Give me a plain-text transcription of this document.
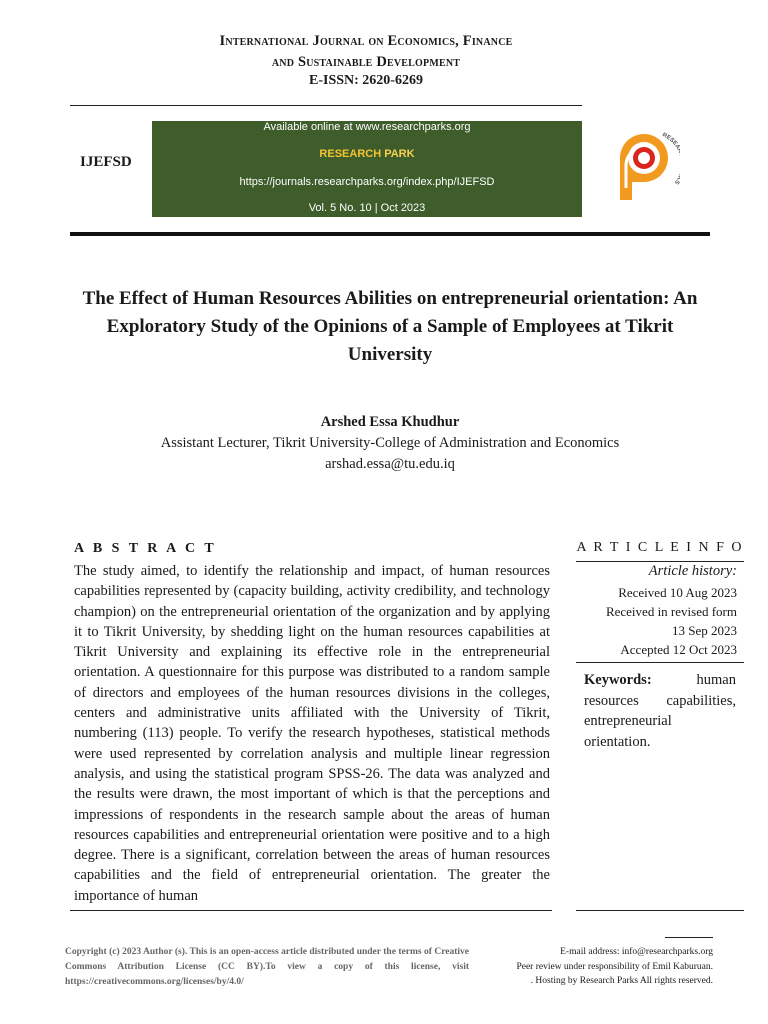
International Journal on Economics, Finance
and Sustainable Development
E-ISSN: 2620-6269
IJEFSD
Available online at www.researchparks.org
RESEARCH PARK
https://journals.researchparks.org/index.php/IJEFSD
Vol. 5 No. 10 | Oct 2023
RESE S
The Effect of Human Resources Abilities on entrepreneurial orientation: An Exploratory Study of the Opinions of a Sample of Employees at Tikrit University
Arshed Essa Khudhur
Assistant Lecturer, Tikrit University-College of Administration and Economics
arshad.essa@tu.edu.iq
A B S T R A C T
The study aimed, to identify the relationship and impact, of human resources capabilities represented by (capacity building, activity credibility, and technology champion) on the entrepreneurial orientation of the organization and by applying it to Tikrit University, by shedding light on the human resources capabilities at Tikrit University and explaining its effective role in the entrepreneurial orientation. A questionnaire for this purpose was distributed to a random sample of directors and employees of the human resources divisions in the colleges, centers and administrative units affiliated with the University of Tikrit, numbering (113) people. To verify the research hypotheses, statistical methods were used represented by correlation analysis and multiple linear regression analysis, and using the statistical program SPSS-26. The data was analyzed and the results were drawn, the most important of which is that the perceptions and impressions of respondents in the research sample about the areas of human resources capabilities and entrepreneurial orientation were positive and to a high degree. There is a significant, correlation between the areas of human resources capabilities and the field of entrepreneurial orientation. The greater the importance of human
A R T I C L E I N F O
Article history:
Received 10 Aug 2023
Received in revised form
13 Sep 2023
Accepted 12 Oct 2023
Keywords:	human resources capabilities, entrepreneurial orientation.
Copyright (c) 2023 Author (s). This is an open-access article distributed under the terms of Creative Commons Attribution License (CC BY).To view a copy of this license, visit https://creativecommons.org/licenses/by/4.0/
E-mail address: info@researchparks.org
Peer review under responsibility of Emil Kaburuan.
. Hosting by Research Parks All rights reserved.
